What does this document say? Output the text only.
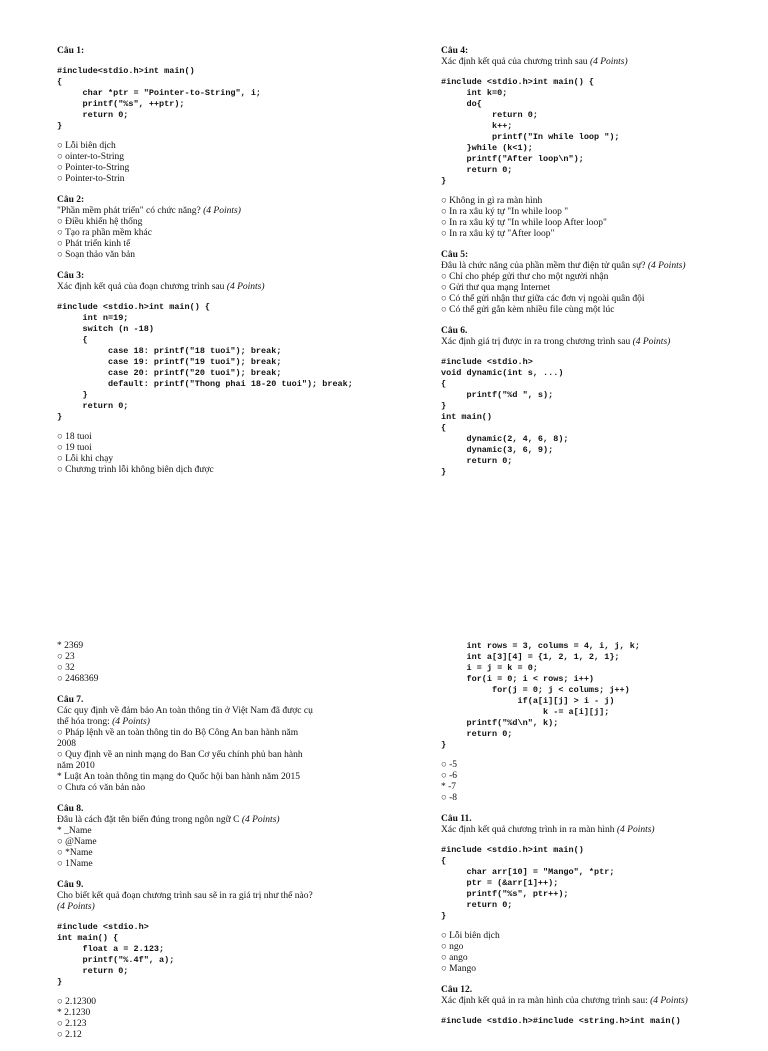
Câu 1:
#include<stdio.h>int main()
{
char *ptr = "Pointer-to-String", i;
printf("%s", ++ptr);
return 0;
}
○ Lỗi biên dịch
○ ointer-to-String
○ Pointer-to-String
○ Pointer-to-Strin
Câu 2:
"Phần mềm phát triển" có chức năng? (4 Points)
○ Điều khiển hệ thống
○ Tạo ra phần mềm khác
○ Phát triển kinh tế
○ Soạn thảo văn bản
Câu 3:
Xác định kết quả của đoạn chương trình sau (4 Points)
#include <stdio.h>int main() {
int n=19;
switch (n -18)
{
case 18: printf("18 tuoi"); break;
case 19: printf("19 tuoi"); break;
case 20: printf("20 tuoi"); break;
default: printf("Thong phai 18-20 tuoi"); break;
}
return 0;
}
○ 18 tuoi
○ 19 tuoi
○ Lỗi khi chạy
○ Chương trình lỗi không biên dịch được
Câu 4:
Xác định kết quả của chương trình sau (4 Points)
#include <stdio.h>int main() {
int k=0;
do{
return 0;
k++;
printf("In while loop ");
}while (k<1);
printf("After loop\n");
return 0;
}
○ Không in gì ra màn hình
○ In ra xâu ký tự "In while loop "
○ In ra xâu ký tự "In while loop After loop"
○ In ra xâu ký tự "After loop"
Câu 5:
Đâu là chức năng của phần mềm thư điện tử quân sự? (4 Points)
○ Chỉ cho phép gửi thư cho một người nhận
○ Gửi thư qua mạng Internet
○ Có thể gửi nhận thư giữa các đơn vị ngoài quân đội
○ Có thể gửi gắn kèm nhiều file cùng một lúc
Câu 6.
Xác định giá trị được in ra trong chương trình sau (4 Points)
#include <stdio.h>
void dynamic(int s, ...)
{
printf("%d ", s);
}
int main()
{
dynamic(2, 4, 6, 8);
dynamic(3, 6, 9);
return 0;
}
* 2369
○ 23
○ 32
○ 2468369
Câu 7.
Các quy định về đảm bảo An toàn thông tin ở Việt Nam đã được cụ thể hóa trong: (4 Points)
○ Pháp lệnh về an toàn thông tin do Bộ Công An ban hành năm 2008
○ Quy định về an ninh mạng do Ban Cơ yếu chính phủ ban hành năm 2010
* Luật An toàn thông tin mạng do Quốc hội ban hành năm 2015
○ Chưa có văn bản nào
Câu 8.
Đâu là cách đặt tên biến đúng trong ngôn ngữ C (4 Points)
* _Name
○ @Name
○ *Name
○ 1Name
Câu 9.
Cho biết kết quả đoạn chương trình sau sẽ in ra giá trị như thế nào? (4 Points)
#include <stdio.h>
int main() {
float a = 2.123;
printf("%.4f", a);
return 0;
}
○ 2.12300
* 2.1230
○ 2.123
○ 2.12
int rows = 3, colums = 4, i, j, k;
int a[3][4] = {1, 2, 1, 2, 1};
i = j = k = 0;
for(i = 0; i < rows; i++)
for(j = 0; j < colums; j++)
if(a[i][j] > i - j)
k -= a[i][j];
printf("%d\n", k);
return 0;
}
○ -5
○ -6
* -7
○ -8
Câu 11.
Xác định kết quả chương trình in ra màn hình (4 Points)
#include <stdio.h>int main()
{
char arr[10] = "Mango", *ptr;
ptr = (&arr[1]++);
printf("%s", ptr++);
return 0;
}
○ Lỗi biên dịch
○ ngo
○ ango
○ Mango
Câu 12.
Xác định kết quả in ra màn hình của chương trình sau: (4 Points)
#include <stdio.h>#include <string.h>int main()
